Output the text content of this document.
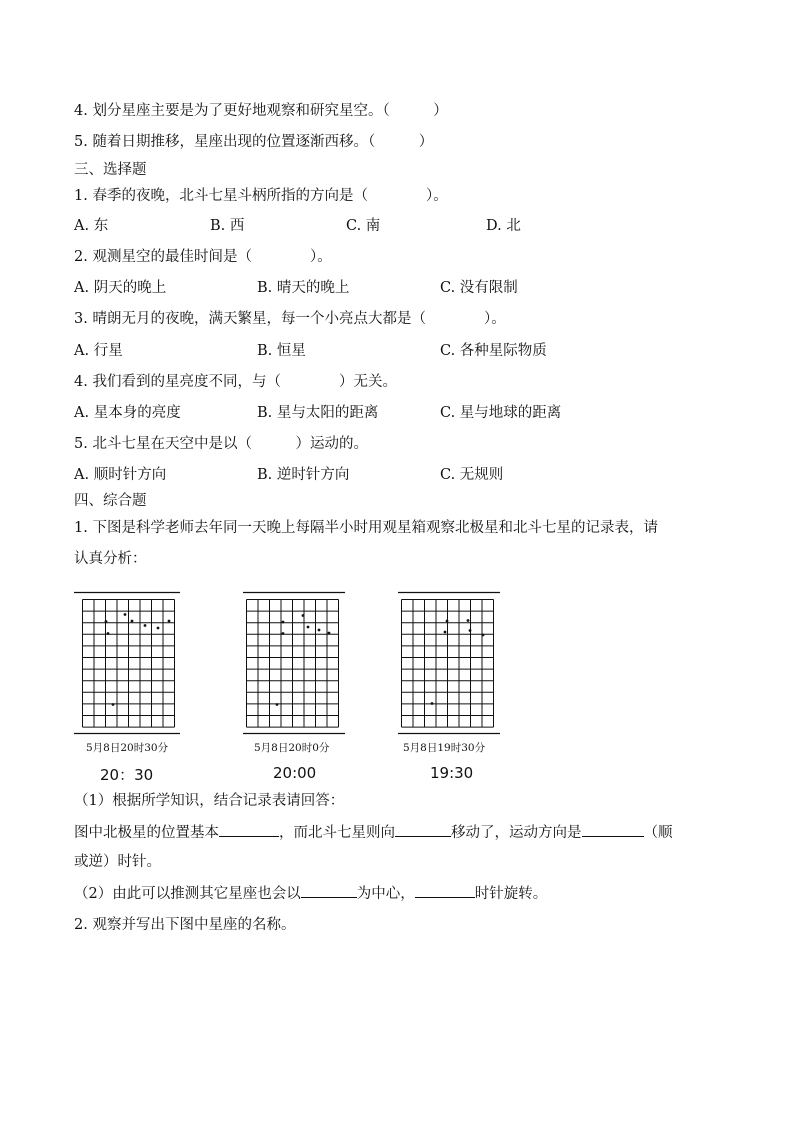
4. 划分星座主要是为了更好地观察和研究星空。（　　　）
5. 随着日期推移，星座出现的位置逐渐西移。（　　　）
三、选择题
1. 春季的夜晚，北斗七星斗柄所指的方向是（　　　　）。
A. 东	B. 西	C. 南	D. 北
2. 观测星空的最佳时间是（　　　　）。
A. 阴天的晚上	B. 晴天的晚上	C. 没有限制
3. 晴朗无月的夜晚，满天繁星，每一个小亮点大都是（　　　　）。
A. 行星	B. 恒星	C. 各种星际物质
4. 我们看到的星亮度不同，与（　　　　）无关。
A. 星本身的亮度	B. 星与太阳的距离	C. 星与地球的距离
5. 北斗七星在天空中是以（　　　）运动的。
A. 顺时针方向	B. 逆时针方向	C. 无规则
四、综合题
1. 下图是科学老师去年同一天晚上每隔半小时用观星箱观察北极星和北斗七星的记录表，请
认真分析：
5月8日20时30分
20：30
5月8日20时0分
20:00
5月8日19时30分
19:30
（1）根据所学知识，结合记录表请回答：
图中北极星的位置基本	，而北斗七星则向	移动了，运动方向是	（顺
或逆）时针。
（2）由此可以推测其它星座也会以	为中心，	时针旋转。
2. 观察并写出下图中星座的名称。
